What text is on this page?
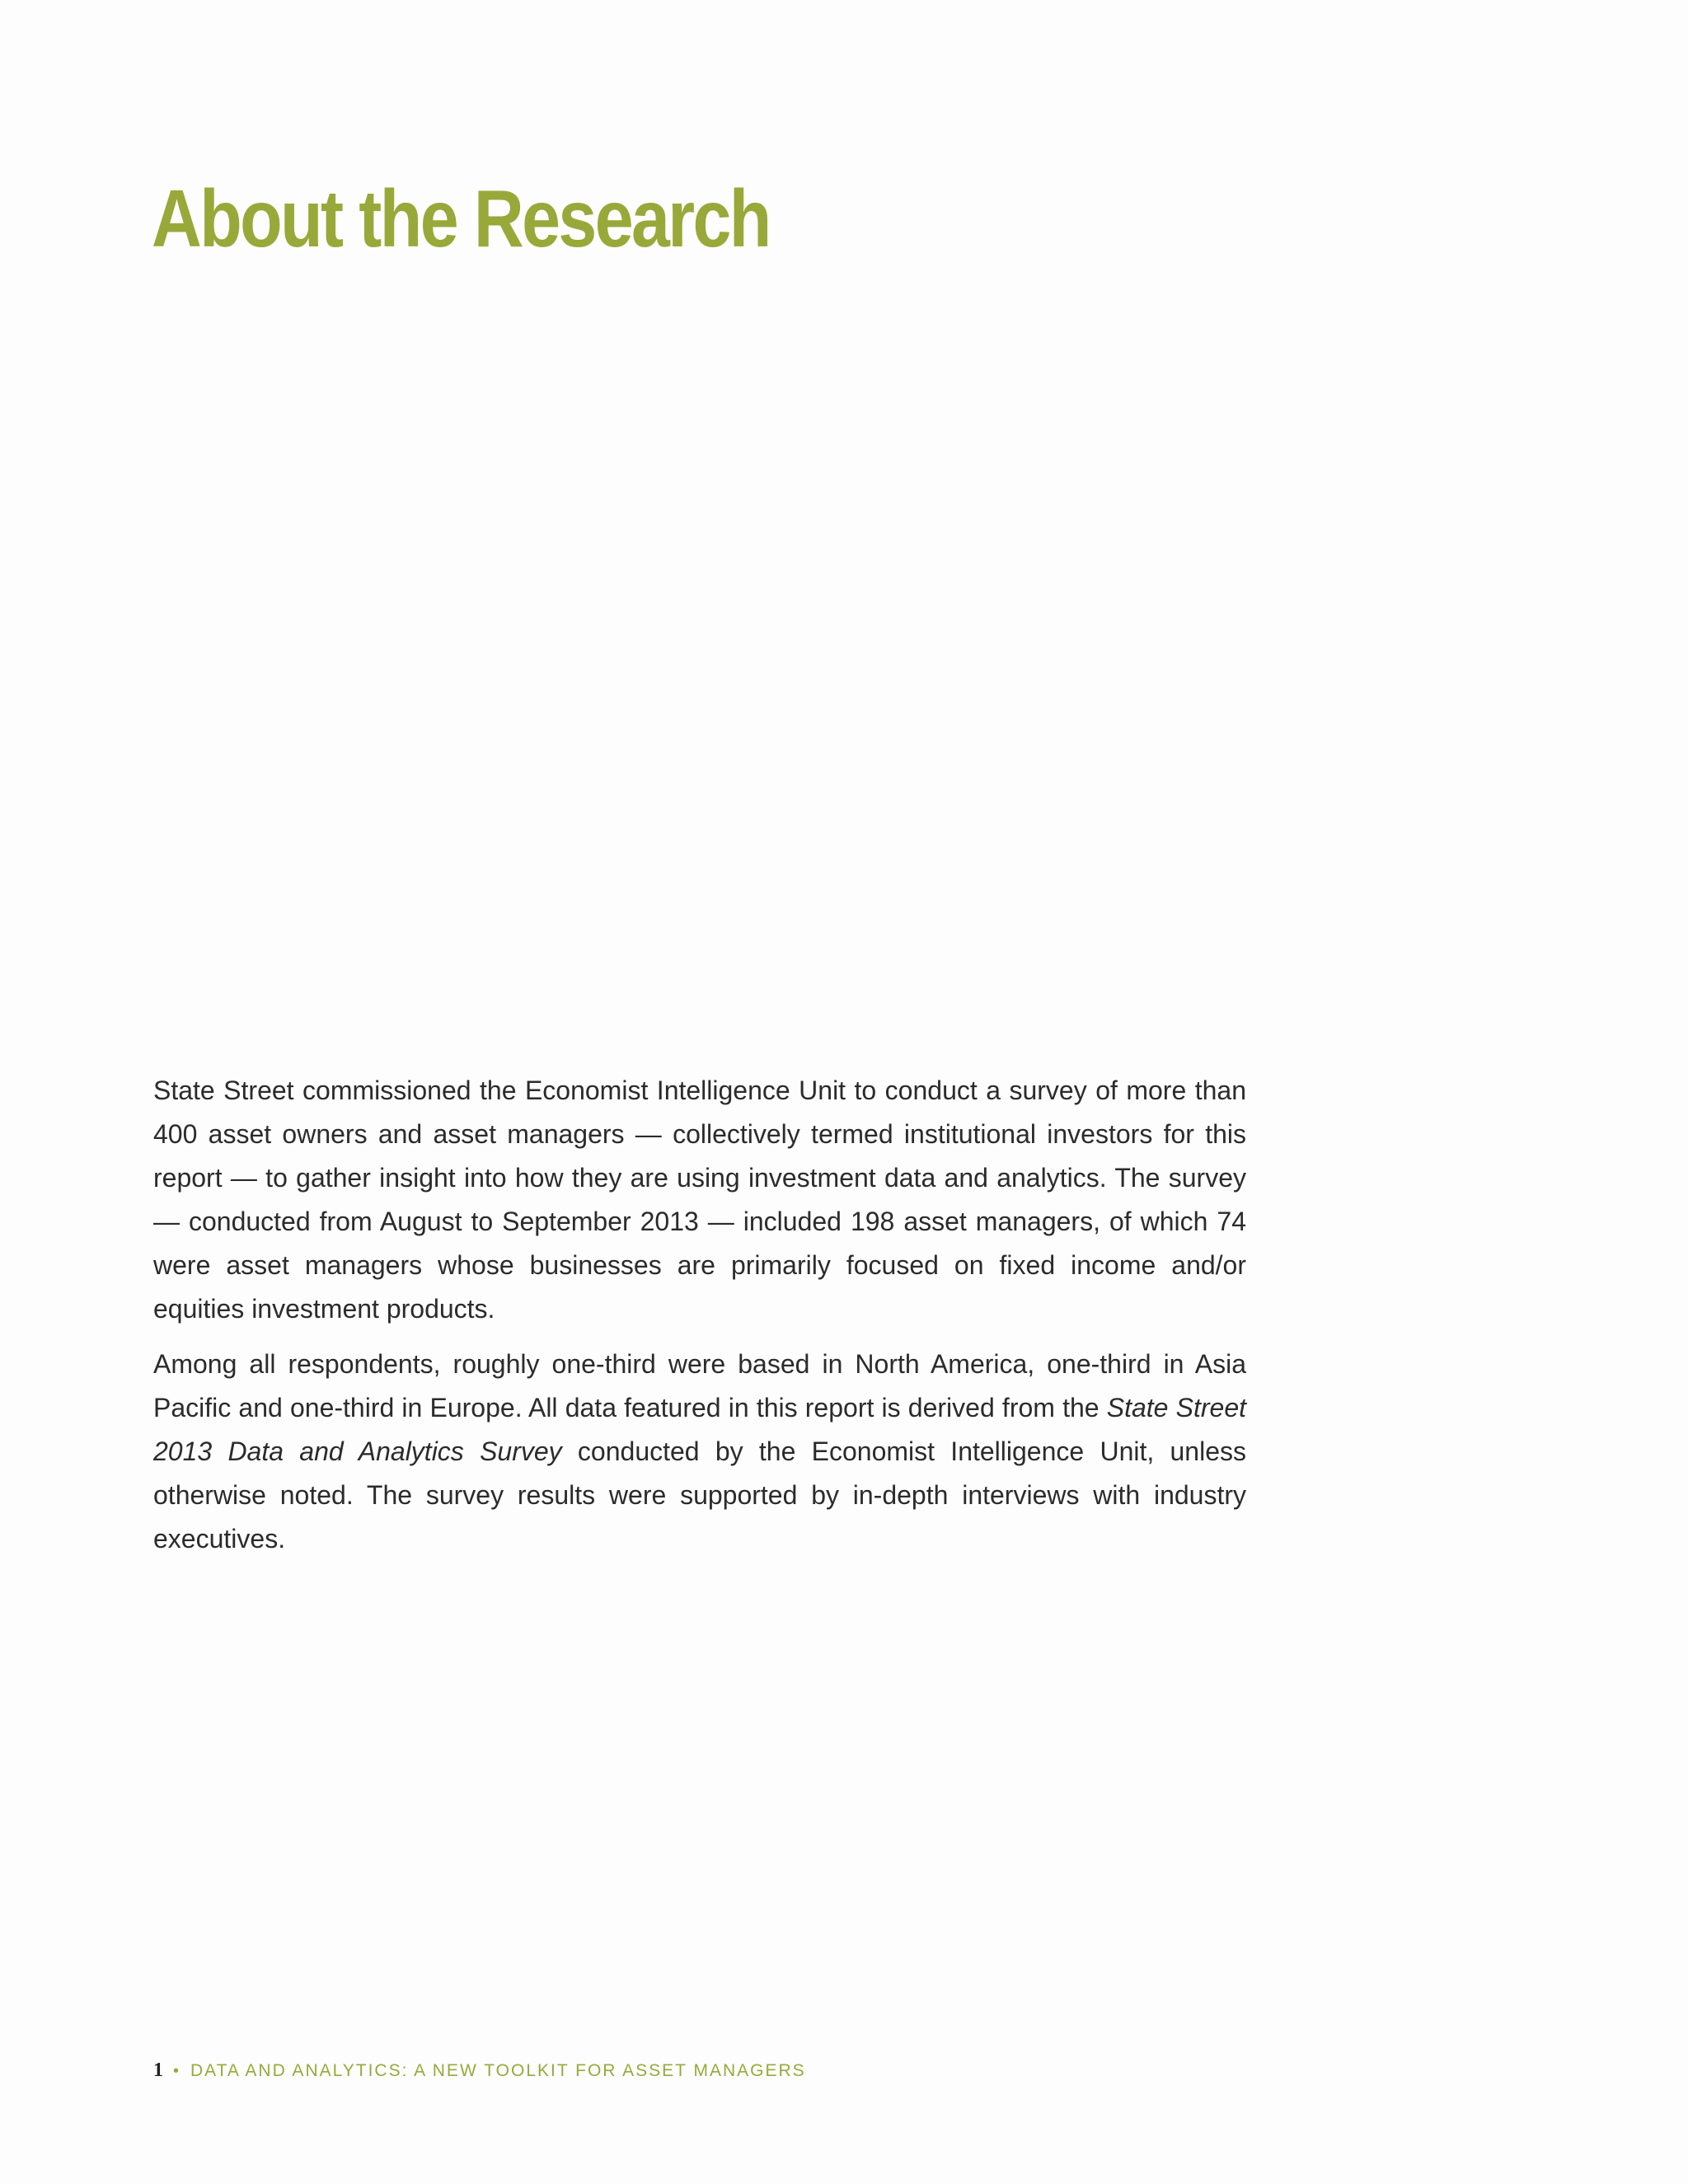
About the Research

State Street commissioned the Economist Intelligence Unit to conduct a survey of more than 400 asset owners and asset managers — collectively termed institutional investors for this report — to gather insight into how they are using investment data and analytics. The survey — conducted from August to September 2013 — included 198 asset managers, of which 74 were asset managers whose businesses are primarily focused on fixed income and/or equities investment products.

Among all respondents, roughly one-third were based in North America, one-third in Asia Pacific and one-third in Europe. All data featured in this report is derived from the State Street 2013 Data and Analytics Survey conducted by the Economist Intelligence Unit, unless otherwise noted. The survey results were supported by in-depth interviews with industry executives.

1 • DATA AND ANALYTICS: A NEW TOOLKIT FOR ASSET MANAGERS
